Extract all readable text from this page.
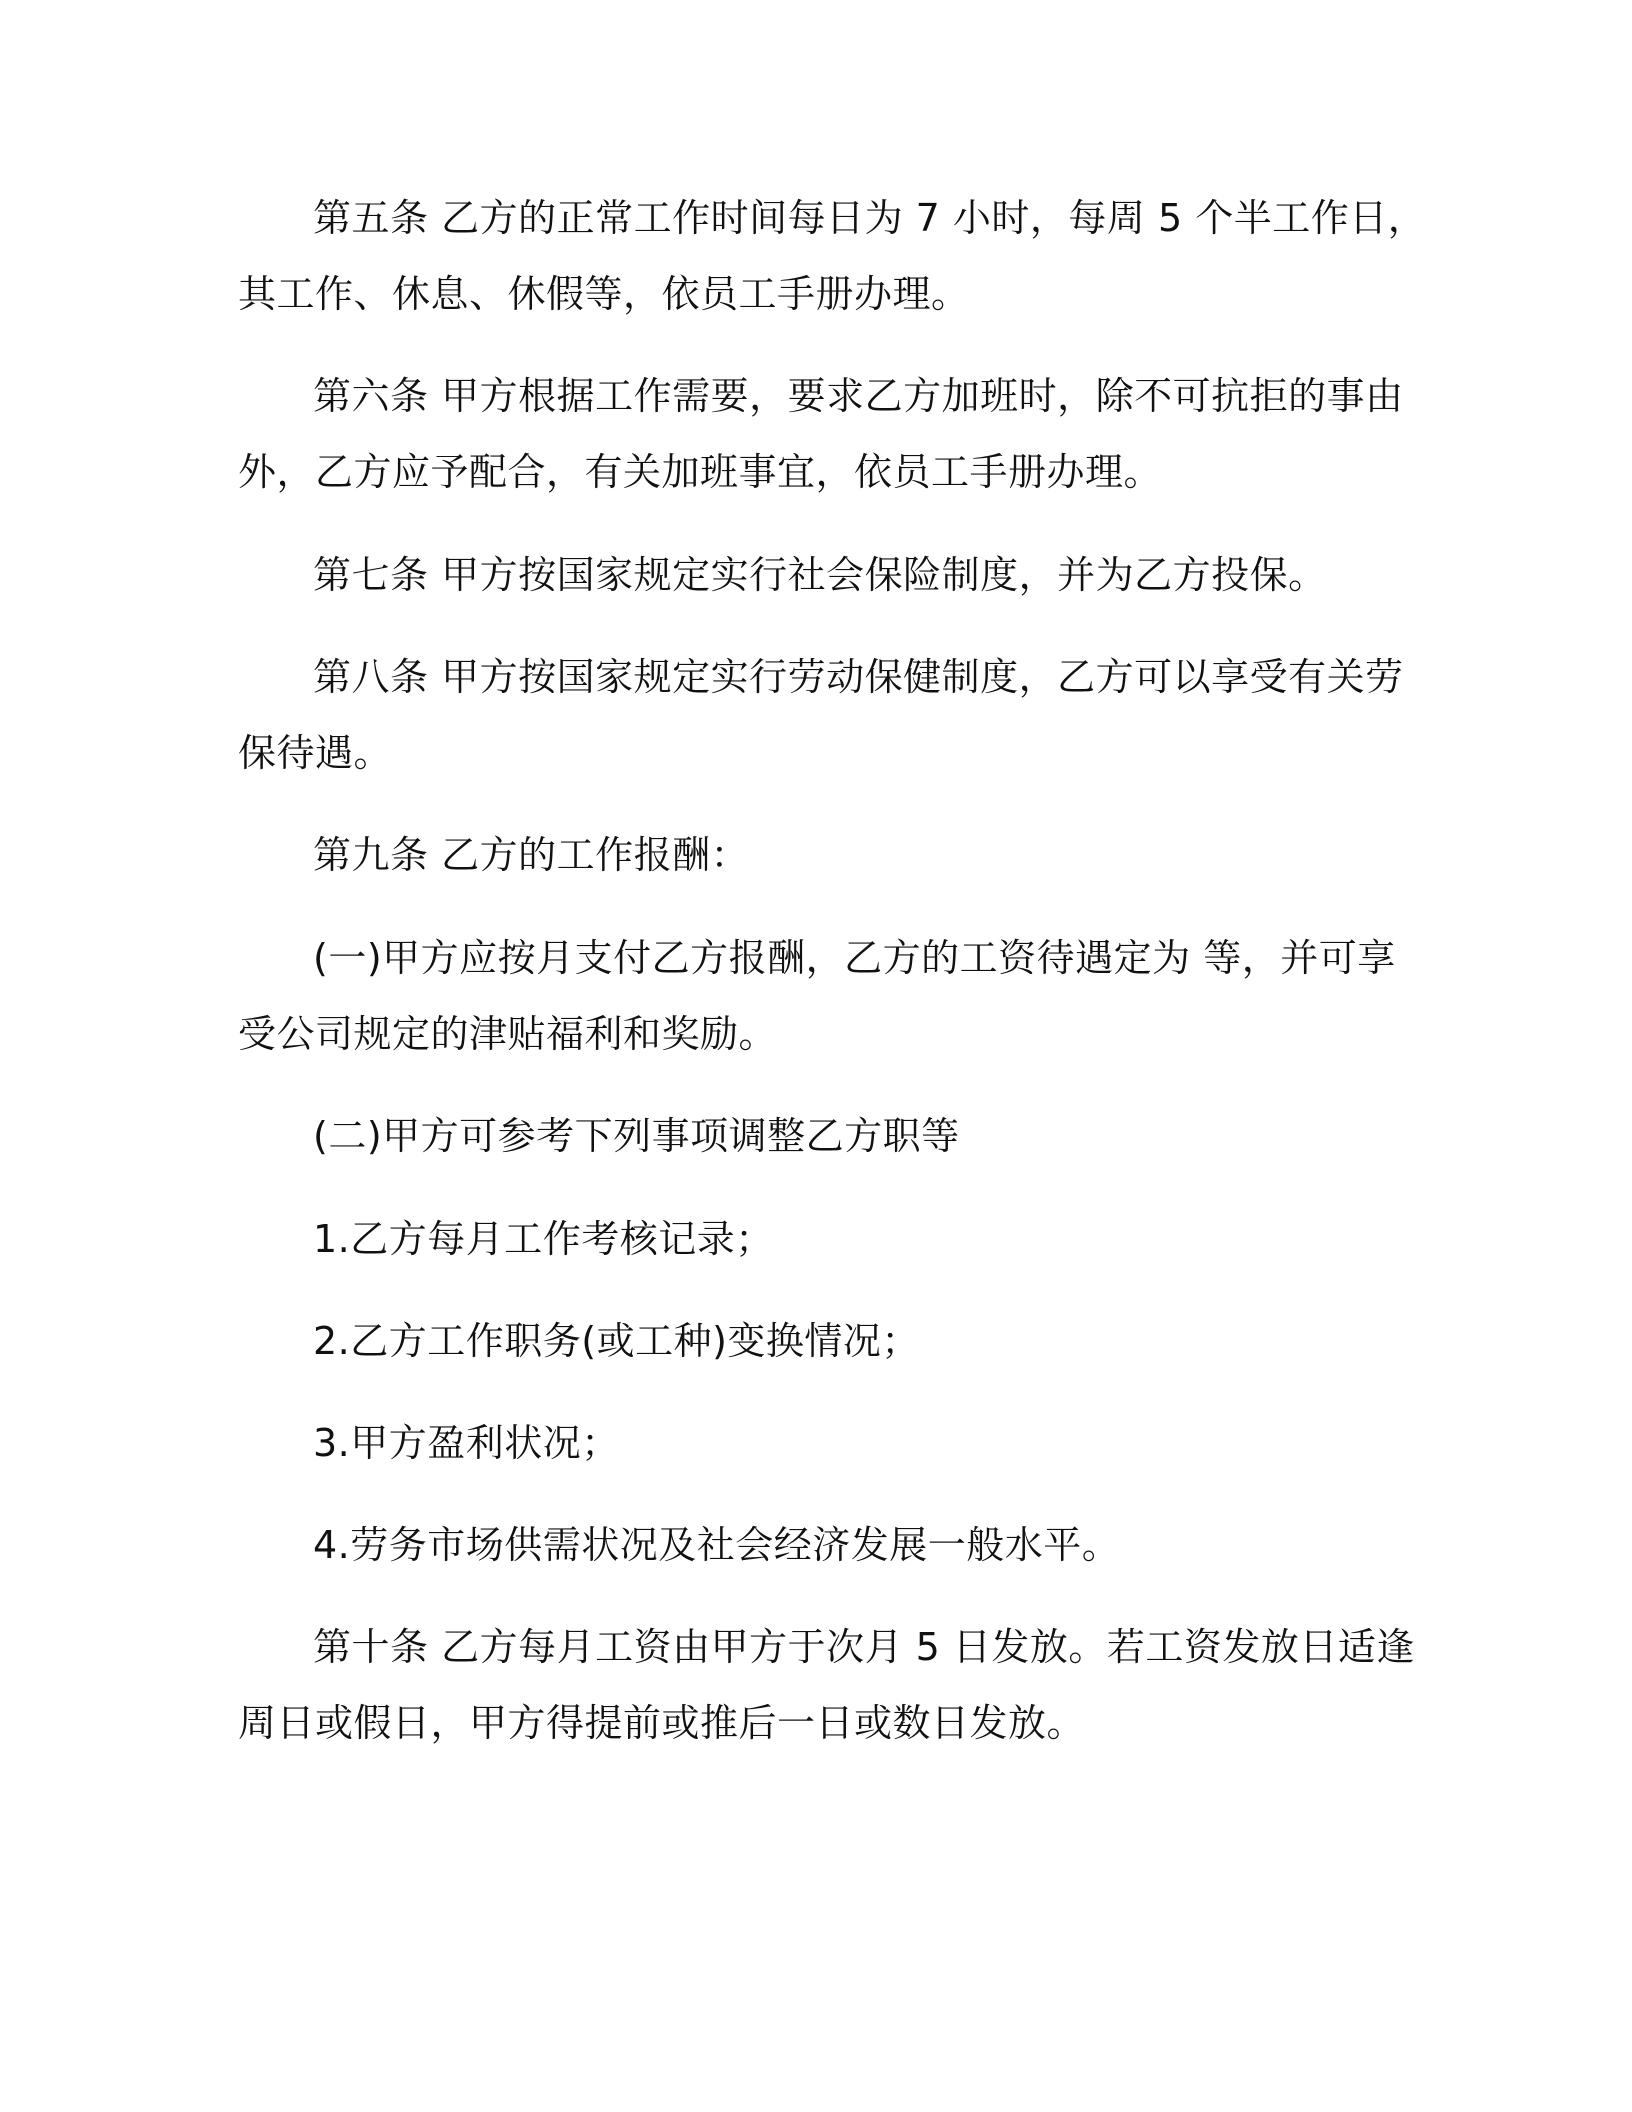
第五条 乙方的正常工作时间每日为 7 小时，每周 5 个半工作日，
其工作、休息、休假等，依员工手册办理。
第六条 甲方根据工作需要，要求乙方加班时，除不可抗拒的事由
外，乙方应予配合，有关加班事宜，依员工手册办理。
第七条 甲方按国家规定实行社会保险制度，并为乙方投保。
第八条 甲方按国家规定实行劳动保健制度，乙方可以享受有关劳
保待遇。
第九条 乙方的工作报酬：
(一)甲方应按月支付乙方报酬，乙方的工资待遇定为 等，并可享
受公司规定的津贴福利和奖励。
(二)甲方可参考下列事项调整乙方职等
1.乙方每月工作考核记录；
2.乙方工作职务(或工种)变换情况；
3.甲方盈利状况；
4.劳务市场供需状况及社会经济发展一般水平。
第十条 乙方每月工资由甲方于次月 5 日发放。若工资发放日适逢
周日或假日，甲方得提前或推后一日或数日发放。
